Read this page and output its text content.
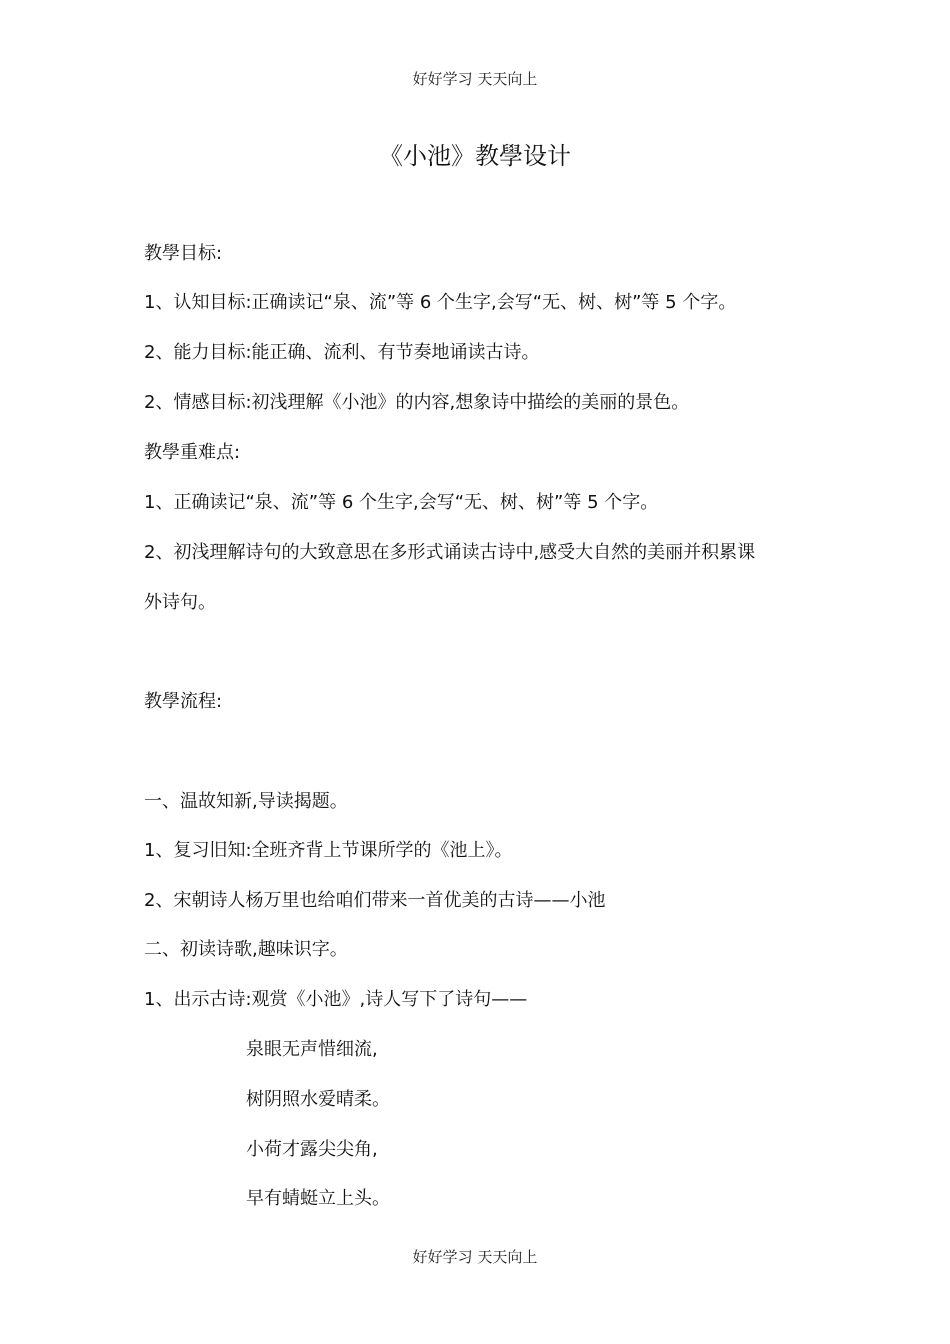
好好学习 天天向上
《小池》教學设计
教學目标:
1、认知目标:正确读记“泉、流”等 6 个生字,会写“无、树、树”等 5 个字。
2、能力目标:能正确、流利、有节奏地诵读古诗。
2、情感目标:初浅理解《小池》的内容,想象诗中描绘的美丽的景色。
教學重难点:
1、正确读记“泉、流”等 6 个生字,会写“无、树、树”等 5 个字。
2、初浅理解诗句的大致意思在多形式诵读古诗中,感受大自然的美丽并积累课
外诗句。
教學流程:
一、温故知新,导读揭题。
1、复习旧知:全班齐背上节课所学的《池上》。
2、宋朝诗人杨万里也给咱们带来一首优美的古诗——小池
二、初读诗歌,趣味识字。
1、出示古诗:观赏《小池》,诗人写下了诗句——
泉眼无声惜细流,
树阴照水爱晴柔。
小荷才露尖尖角,
早有蜻蜓立上头。
好好学习 天天向上
